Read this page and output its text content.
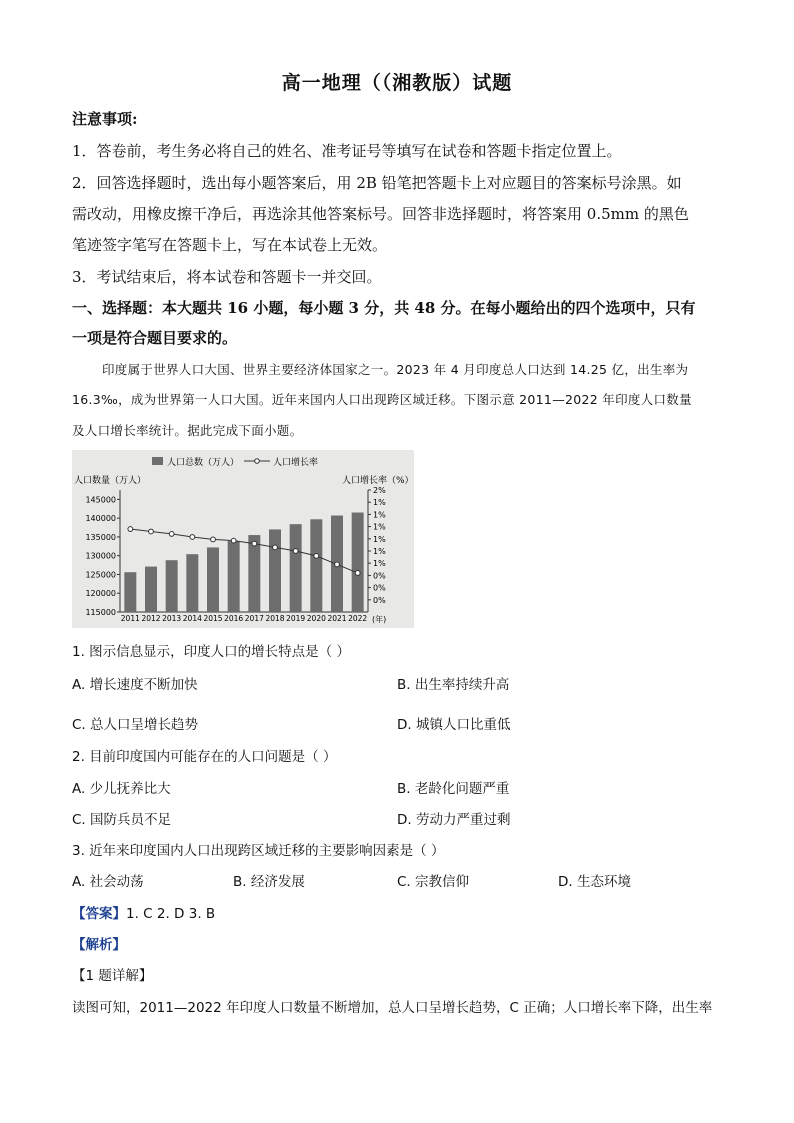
高一地理（（湘教版）试题
注意事项:
1．答卷前，考生务必将自己的姓名、准考证号等填写在试卷和答题卡指定位置上。
2．回答选择题时，选出每小题答案后，用 2B 铅笔把答题卡上对应题目的答案标号涂黑。如
需改动，用橡皮擦干净后，再选涂其他答案标号。回答非选择题时，将答案用 0.5mm 的黑色
笔迹签字笔写在答题卡上，写在本试卷上无效。
3．考试结束后，将本试卷和答题卡一并交回。
一、选择题：本大题共 16 小题，每小题 3 分，共 48 分。在每小题给出的四个选项中，只有
一项是符合题目要求的。
印度属于世界人口大国、世界主要经济体国家之一。2023 年 4 月印度总人口达到 14.25 亿，出生率为
16.3‰，成为世界第一人口大国。近年来国内人口出现跨区域迁移。下图示意 2011—2022 年印度人口数量
及人口增长率统计。据此完成下面小题。
人口总数（万人）	人口增长率
人口数量（万人）	人口增长率（%）
(年)
145000
140000
135000
130000
125000
120000
115000
2%
1%
1%
1%
1%
1%
1%
0%
0%
0%
2011 2012 2013 2014 2015 2016 2017 2018 2019 2020 2021 2022
1. 图示信息显示，印度人口的增长特点是（ ）
A. 增长速度不断加快	B. 出生率持续升高
C. 总人口呈增长趋势	D. 城镇人口比重低
2. 目前印度国内可能存在的人口问题是（ ）
A. 少儿抚养比大	B. 老龄化问题严重
C. 国防兵员不足	D. 劳动力严重过剩
3. 近年来印度国内人口出现跨区域迁移的主要影响因素是（ ）
A. 社会动荡	B. 经济发展	C. 宗教信仰	D. 生态环境
【答案】1. C 2. D 3. B
【解析】
【1 题详解】
读图可知，2011—2022 年印度人口数量不断增加，总人口呈增长趋势，C 正确；人口增长率下降，出生率
